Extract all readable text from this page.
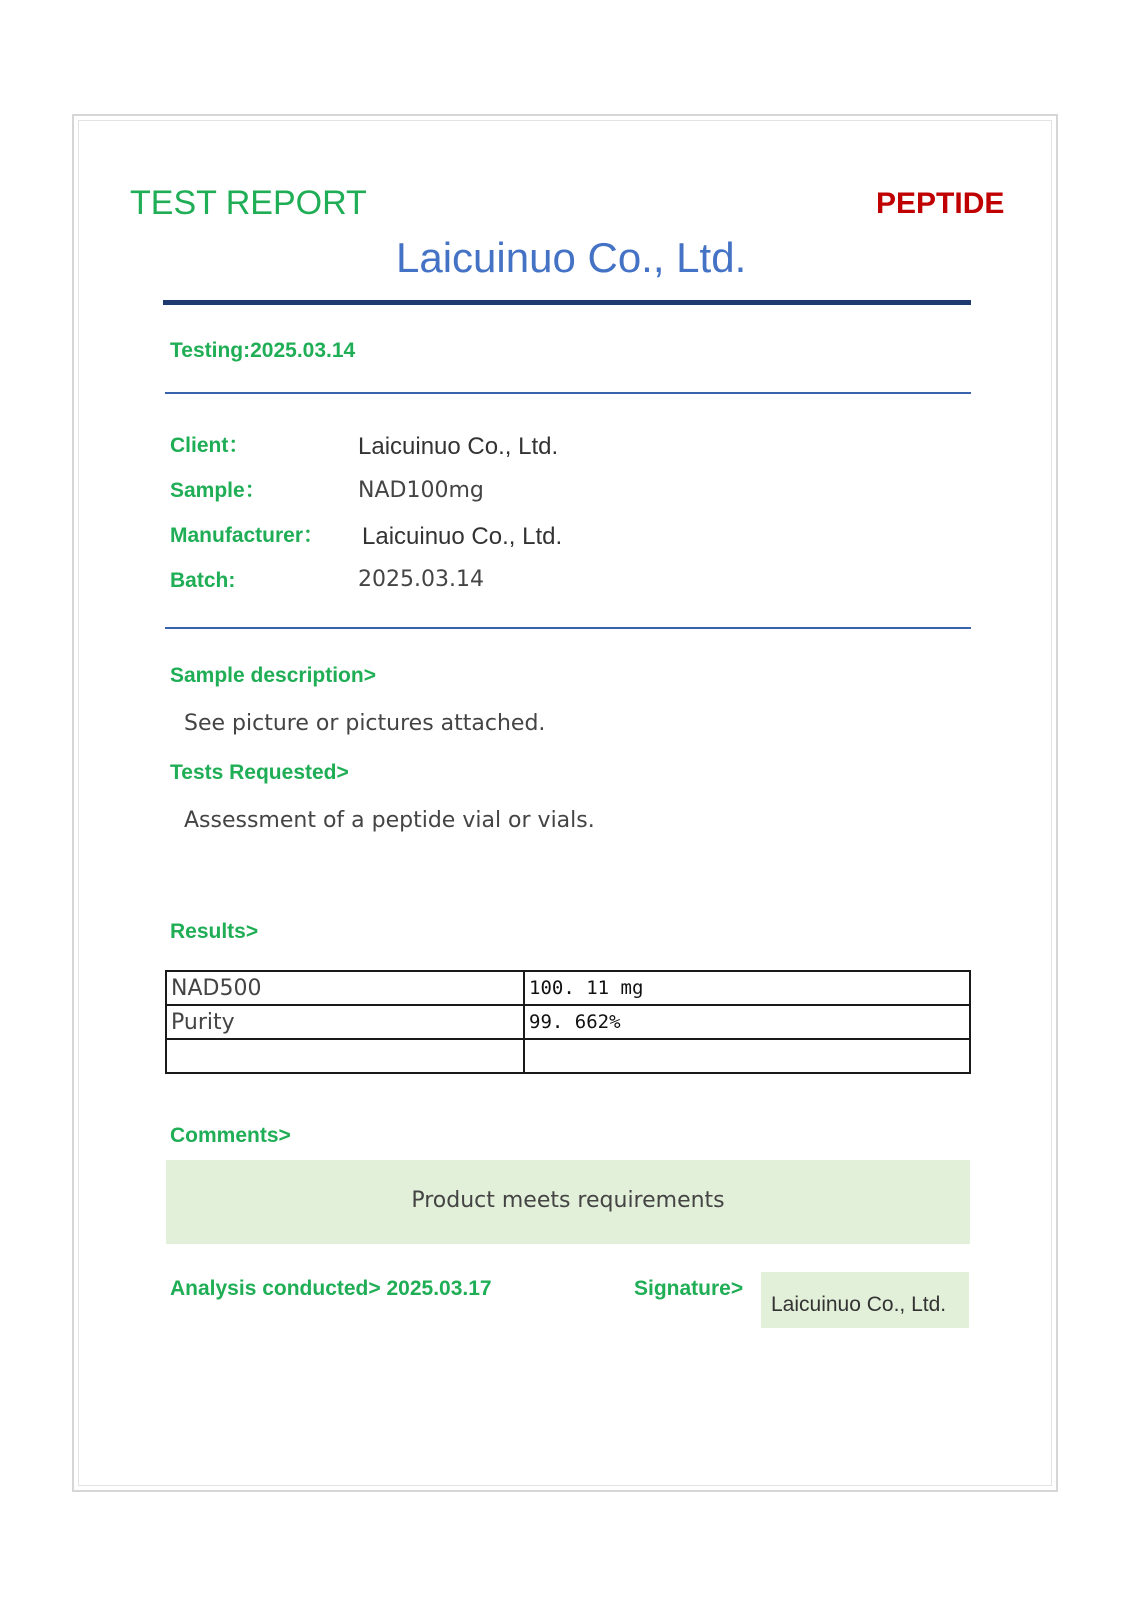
TEST REPORT	PEPTIDE
Laicuinuo Co., Ltd.
Testing:2025.03.14
Client：	Laicuinuo Co., Ltd.
Sample：	NAD100mg
Manufacturer： Laicuinuo Co., Ltd.
Batch:	2025.03.14
Sample description>
See picture or pictures attached.
Tests Requested>
Assessment of a peptide vial or vials.
Results>
NAD500	100. 11 mg
Purity	99. 662%

Comments>
Product meets requirements
Analysis conducted> 2025.03.17	Signature>
Laicuinuo Co., Ltd.
